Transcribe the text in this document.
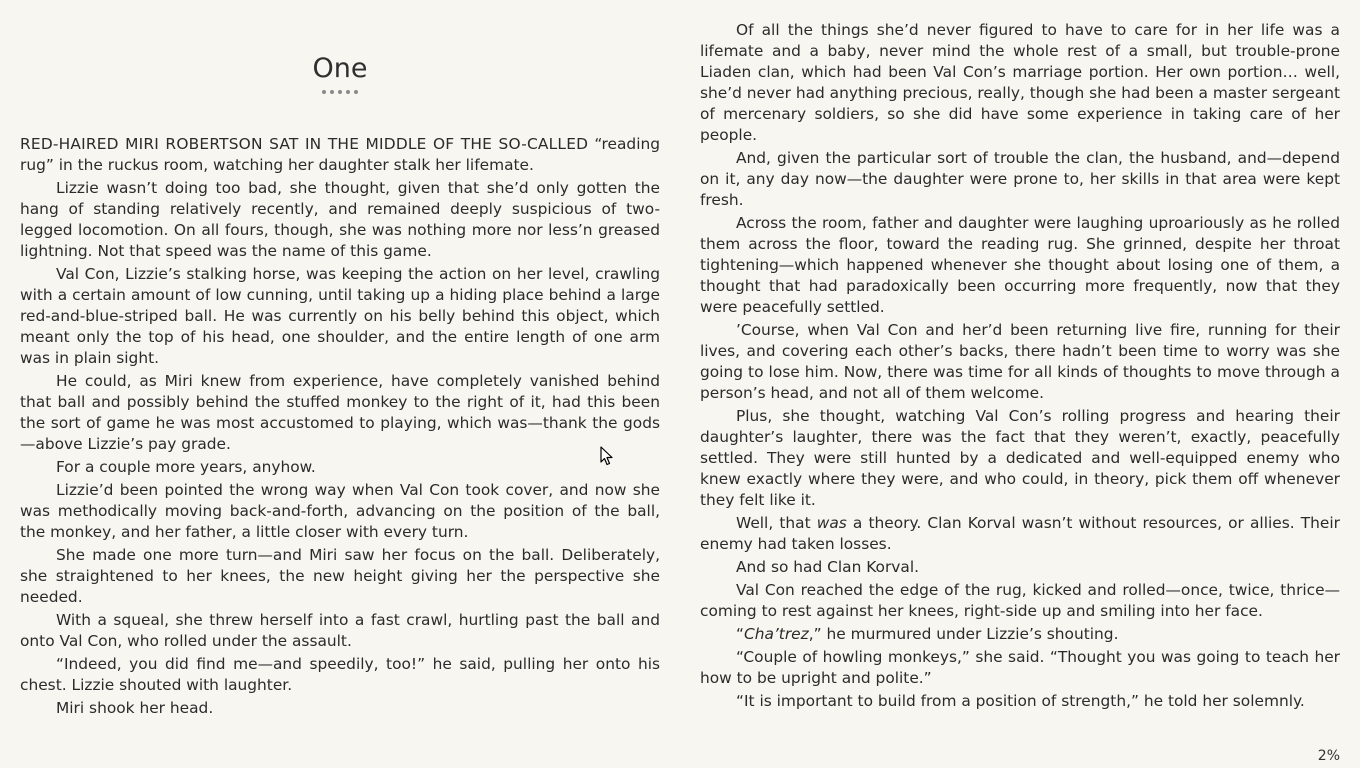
One

RED-HAIRED MIRI ROBERTSON SAT IN THE MIDDLE OF THE SO-CALLED “reading rug” in the ruckus room, watching her daughter stalk her lifemate.

Lizzie wasn’t doing too bad, she thought, given that she’d only gotten the hang of standing relatively recently, and remained deeply suspicious of two-legged locomotion. On all fours, though, she was nothing more nor less’n greased lightning. Not that speed was the name of this game.

Val Con, Lizzie’s stalking horse, was keeping the action on her level, crawling with a certain amount of low cunning, until taking up a hiding place behind a large red-and-blue-striped ball. He was currently on his belly behind this object, which meant only the top of his head, one shoulder, and the entire length of one arm was in plain sight.

He could, as Miri knew from experience, have completely vanished behind that ball and possibly behind the stuffed monkey to the right of it, had this been the sort of game he was most accustomed to playing, which was—thank the gods—above Lizzie’s pay grade.

For a couple more years, anyhow.

Lizzie’d been pointed the wrong way when Val Con took cover, and now she was methodically moving back-and-forth, advancing on the position of the ball, the monkey, and her father, a little closer with every turn.

She made one more turn—and Miri saw her focus on the ball. Deliberately, she straightened to her knees, the new height giving her the perspective she needed.

With a squeal, she threw herself into a fast crawl, hurtling past the ball and onto Val Con, who rolled under the assault.

“Indeed, you did find me—and speedily, too!” he said, pulling her onto his chest. Lizzie shouted with laughter.

Miri shook her head.

Of all the things she’d never figured to have to care for in her life was a lifemate and a baby, never mind the whole rest of a small, but trouble-prone Liaden clan, which had been Val Con’s marriage portion. Her own portion… well, she’d never had anything precious, really, though she had been a master sergeant of mercenary soldiers, so she did have some experience in taking care of her people.

And, given the particular sort of trouble the clan, the husband, and—depend on it, any day now—the daughter were prone to, her skills in that area were kept fresh.

Across the room, father and daughter were laughing uproariously as he rolled them across the floor, toward the reading rug. She grinned, despite her throat tightening—which happened whenever she thought about losing one of them, a thought that had paradoxically been occurring more frequently, now that they were peacefully settled.

’Course, when Val Con and her’d been returning live fire, running for their lives, and covering each other’s backs, there hadn’t been time to worry was she going to lose him. Now, there was time for all kinds of thoughts to move through a person’s head, and not all of them welcome.

Plus, she thought, watching Val Con’s rolling progress and hearing their daughter’s laughter, there was the fact that they weren’t, exactly, peacefully settled. They were still hunted by a dedicated and well-equipped enemy who knew exactly where they were, and who could, in theory, pick them off whenever they felt like it.

Well, that was a theory. Clan Korval wasn’t without resources, or allies. Their enemy had taken losses.

And so had Clan Korval.

Val Con reached the edge of the rug, kicked and rolled—once, twice, thrice—coming to rest against her knees, right-side up and smiling into her face.

“Cha’trez,” he murmured under Lizzie’s shouting.

“Couple of howling monkeys,” she said. “Thought you was going to teach her how to be upright and polite.”

“It is important to build from a position of strength,” he told her solemnly.

2%
